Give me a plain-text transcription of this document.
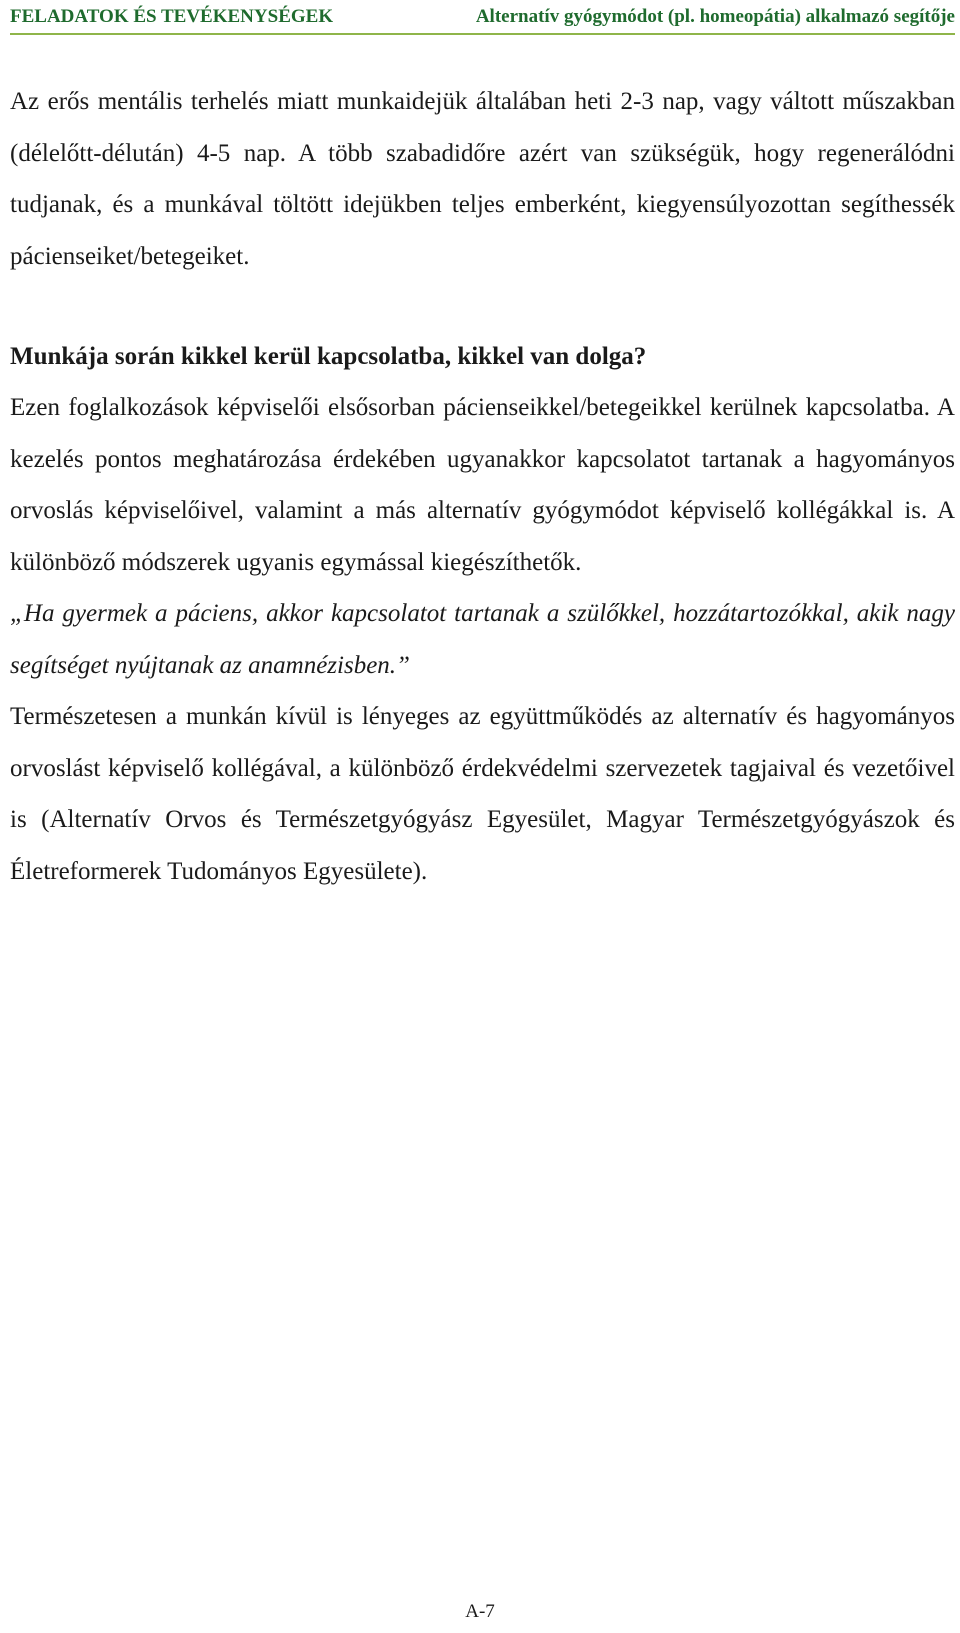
FELADATOK ÉS TEVÉKENYSÉGEK	Alternatív gyógymódot (pl. homeopátia) alkalmazó segítője

Az erős mentális terhelés miatt munkaidejük általában heti 2-3 nap, vagy váltott műszakban (délelőtt-délután) 4-5 nap. A több szabadidőre azért van szükségük, hogy regenerálódni tudjanak, és a munkával töltött idejükben teljes emberként, kiegyensúlyozottan segíthessék pácienseiket/betegeiket.

Munkája során kikkel kerül kapcsolatba, kikkel van dolga?

Ezen foglalkozások képviselői elsősorban pácienseikkel/betegeikkel kerülnek kapcsolatba. A kezelés pontos meghatározása érdekében ugyanakkor kapcsolatot tartanak a hagyományos orvoslás képviselőivel, valamint a más alternatív gyógymódot képviselő kollégákkal is. A különböző módszerek ugyanis egymással kiegészíthetők.

„Ha gyermek a páciens, akkor kapcsolatot tartanak a szülőkkel, hozzátartozókkal, akik nagy segítséget nyújtanak az anamnézisben.”

Természetesen a munkán kívül is lényeges az együttműködés az alternatív és hagyományos orvoslást képviselő kollégával, a különböző érdekvédelmi szervezetek tagjaival és vezetőivel is (Alternatív Orvos és Természetgyógyász Egyesület, Magyar Természetgyógyászok és Életreformerek Tudományos Egyesülete).

A-7
